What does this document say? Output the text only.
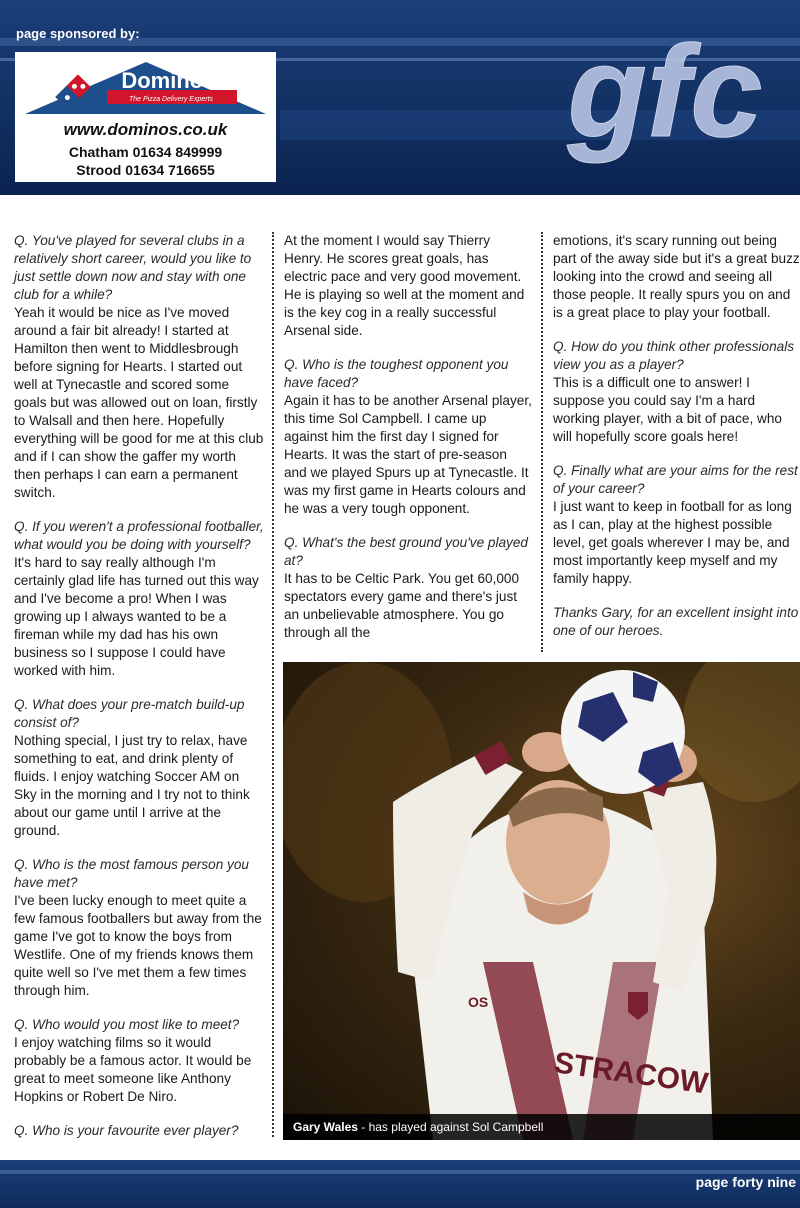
page sponsored by:
Domino's
The Pizza Delivery Experts
www.dominos.co.uk
Chatham 01634 849999
Strood 01634 716655
gfc

Q. You've played for several clubs in a relatively short career, would you like to just settle down now and stay with one club for a while?
Yeah it would be nice as I've moved around a fair bit already! I started at Hamilton then went to Middlesbrough before signing for Hearts. I started out well at Tynecastle and scored some goals but was allowed out on loan, firstly to Walsall and then here. Hopefully everything will be good for me at this club and if I can show the gaffer my worth then perhaps I can earn a permanent switch.

Q. If you weren't a professional footballer, what would you be doing with yourself?
It's hard to say really although I'm certainly glad life has turned out this way and I've become a pro! When I was growing up I always wanted to be a fireman while my dad has his own business so I suppose I could have worked with him.

Q. What does your pre-match build-up consist of?
Nothing special, I just try to relax, have something to eat, and drink plenty of fluids. I enjoy watching Soccer AM on Sky in the morning and I try not to think about our game until I arrive at the ground.

Q. Who is the most famous person you have met?
I've been lucky enough to meet quite a few famous footballers but away from the game I've got to know the boys from Westlife. One of my friends knows them quite well so I've met them a few times through him.

Q. Who would you most like to meet?
I enjoy watching films so it would probably be a famous actor. It would be great to meet someone like Anthony Hopkins or Robert De Niro.

Q. Who is your favourite ever player?

At the moment I would say Thierry Henry. He scores great goals, has electric pace and very good movement. He is playing so well at the moment and is the key cog in a really successful Arsenal side.

Q. Who is the toughest opponent you have faced?
Again it has to be another Arsenal player, this time Sol Campbell. I came up against him the first day I signed for Hearts. It was the start of pre-season and we played Spurs up at Tynecastle. It was my first game in Hearts colours and he was a very tough opponent.

Q. What's the best ground you've played at?
It has to be Celtic Park. You get 60,000 spectators every game and there's just an unbelievable atmosphere. You go through all the

emotions, it's scary running out being part of the away side but it's a great buzz looking into the crowd and seeing all those people. It really spurs you on and is a great place to play your football.

Q. How do you think other professionals view you as a player?
This is a difficult one to answer! I suppose you could say I'm a hard working player, with a bit of pace, who will hopefully score goals here!

Q. Finally what are your aims for the rest of your career?
I just want to keep in football for as long as I can, play at the highest possible level, get goals wherever I may be, and most importantly keep myself and my family happy.

Thanks Gary, for an excellent insight into one of our heroes.

STRACOW
OS
Gary Wales - has played against Sol Campbell
page forty nine
